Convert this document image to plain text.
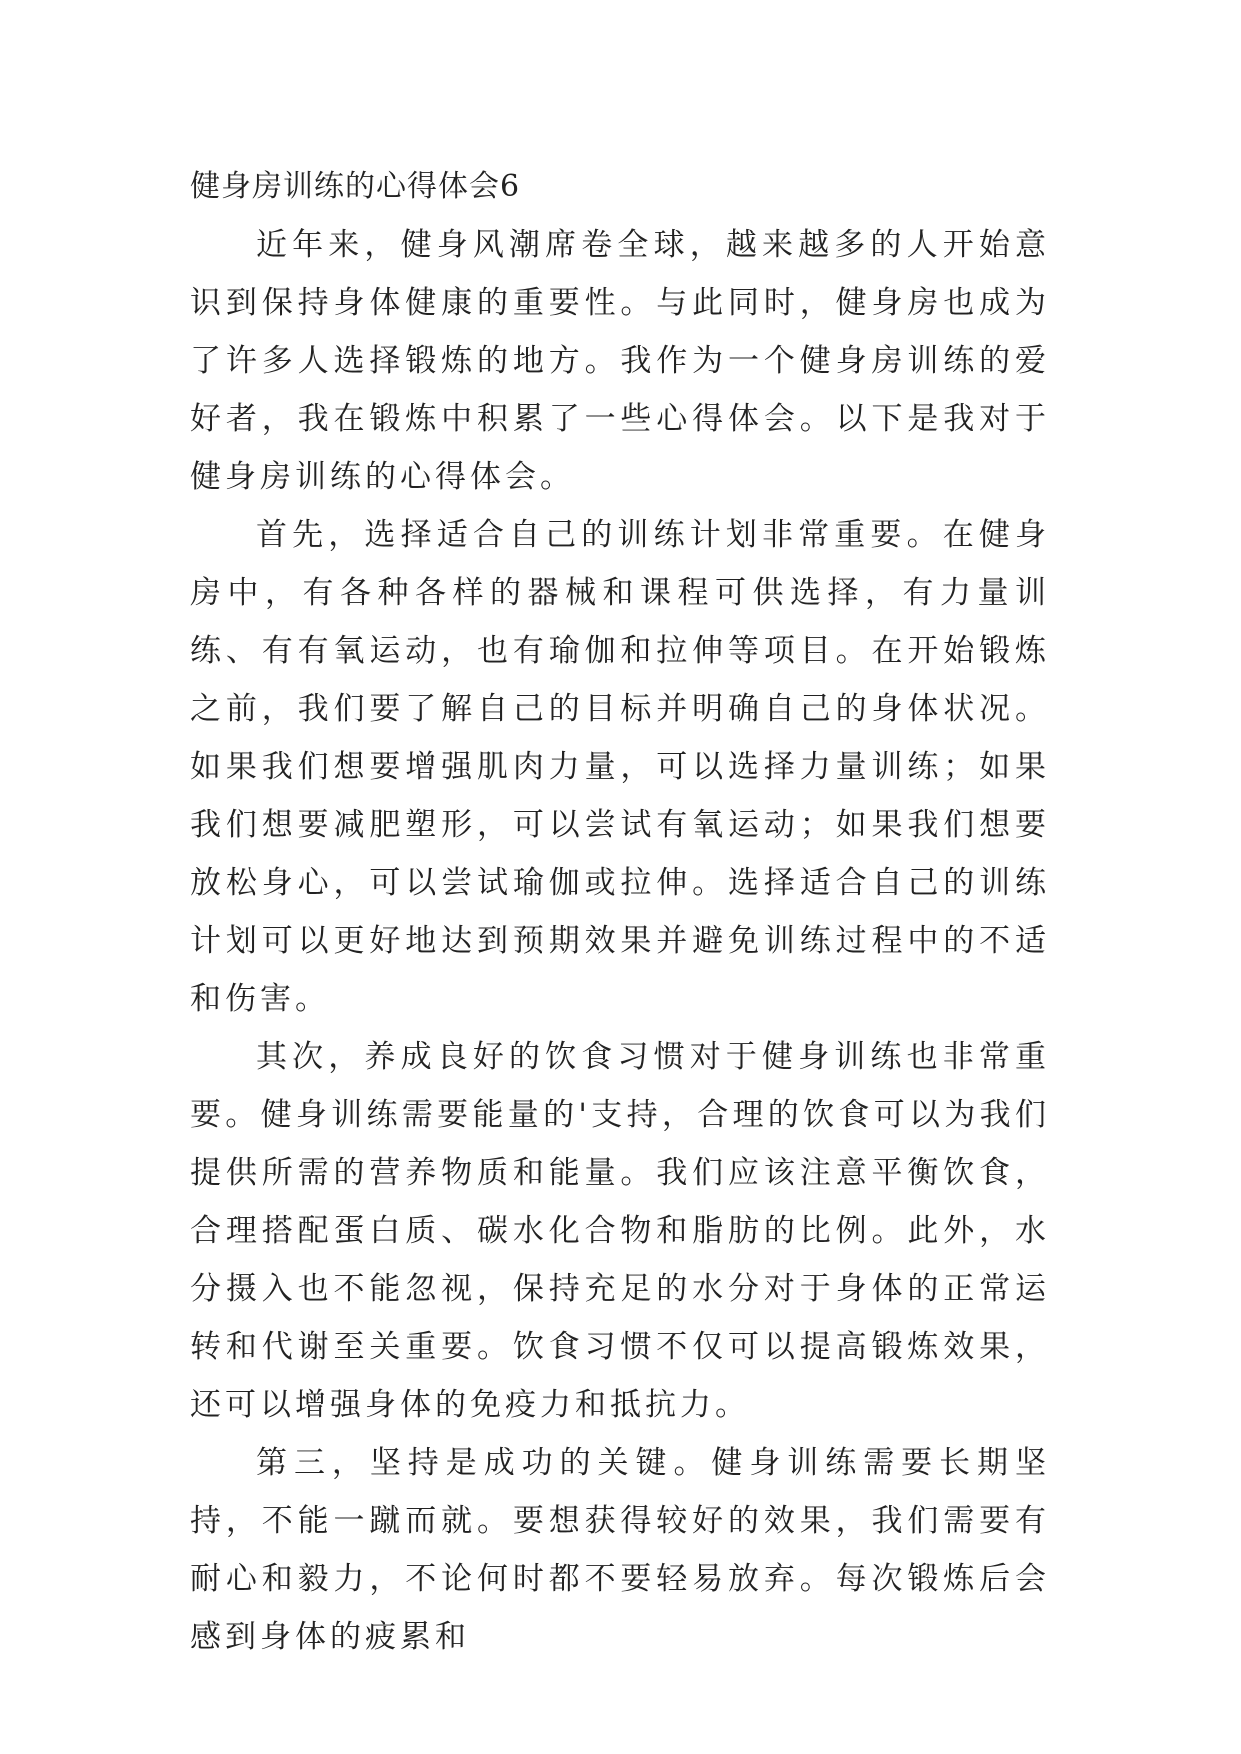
健身房训练的心得体会6

近年来，健身风潮席卷全球，越来越多的人开始意识到保持身体健康的重要性。与此同时，健身房也成为了许多人选择锻炼的地方。我作为一个健身房训练的爱好者，我在锻炼中积累了一些心得体会。以下是我对于健身房训练的心得体会。

首先，选择适合自己的训练计划非常重要。在健身房中，有各种各样的器械和课程可供选择，有力量训练、有有氧运动，也有瑜伽和拉伸等项目。在开始锻炼之前，我们要了解自己的目标并明确自己的身体状况。如果我们想要增强肌肉力量，可以选择力量训练；如果我们想要减肥塑形，可以尝试有氧运动；如果我们想要放松身心，可以尝试瑜伽或拉伸。选择适合自己的训练计划可以更好地达到预期效果并避免训练过程中的不适和伤害。

其次，养成良好的饮食习惯对于健身训练也非常重要。健身训练需要能量的'支持，合理的饮食可以为我们提供所需的营养物质和能量。我们应该注意平衡饮食，合理搭配蛋白质、碳水化合物和脂肪的比例。此外，水分摄入也不能忽视，保持充足的水分对于身体的正常运转和代谢至关重要。饮食习惯不仅可以提高锻炼效果，还可以增强身体的免疫力和抵抗力。

第三，坚持是成功的关键。健身训练需要长期坚持，不能一蹴而就。要想获得较好的效果，我们需要有耐心和毅力，不论何时都不要轻易放弃。每次锻炼后会感到身体的疲累和
